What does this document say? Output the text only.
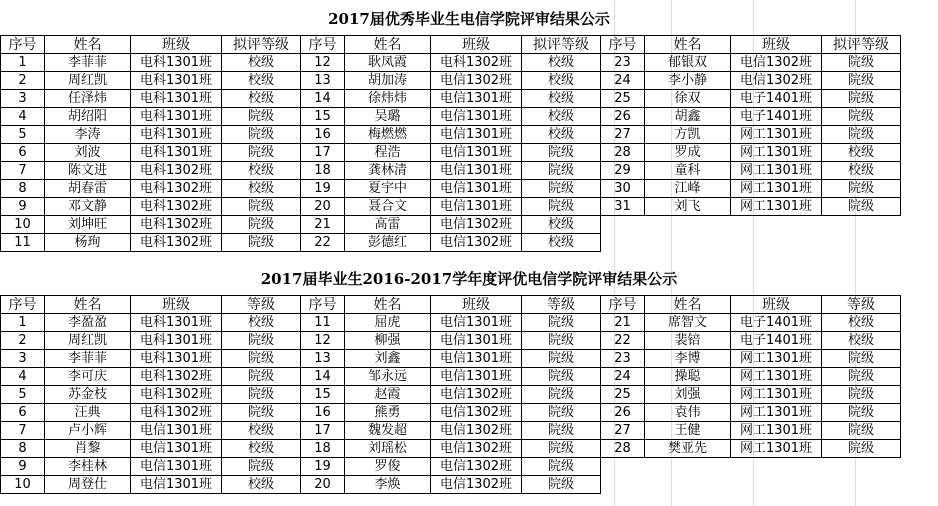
2017届优秀毕业生电信学院评审结果公示
序号	姓名	班级	拟评等级	序号	姓名	班级	拟评等级	序号	姓名	班级	拟评等级
1	李菲菲	电科1301班	校级	12	耿凤霞	电科1302班	校级	23	郁银双	电信1302班	院级
2	周红凯	电科1301班	校级	13	胡加涛	电信1302班	校级	24	李小静	电信1302班	院级
3	任泽炜	电科1301班	校级	14	徐炜炜	电信1301班	校级	25	徐双	电子1401班	院级
4	胡绍阳	电科1301班	院级	15	吴璐	电信1301班	校级	26	胡鑫	电子1401班	院级
5	李涛	电科1301班	院级	16	梅燃燃	电信1301班	校级	27	方凯	网工1301班	院级
6	刘波	电科1301班	院级	17	程浩	电信1301班	院级	28	罗成	网工1301班	校级
7	陈文进	电科1302班	校级	18	龚林清	电信1301班	院级	29	童科	网工1301班	校级
8	胡春雷	电科1302班	校级	19	夏宇中	电信1301班	院级	30	江峰	网工1301班	院级
9	邓文静	电科1302班	院级	20	聂合文	电信1301班	院级	31	刘飞	网工1301班	院级
10	刘坤旺	电科1302班	院级	21	高雷	电信1302班	校级				
11	杨珣	电科1302班	院级	22	彭德红	电信1302班	校级				
2017届毕业生2016-2017学年度评优电信学院评审结果公示
序号	姓名	班级	等级	序号	姓名	班级	等级	序号	姓名	班级	等级
1	李盈盈	电科1301班	校级	11	屈虎	电信1301班	院级	21	席智文	电子1401班	校级
2	周红凯	电科1301班	院级	12	柳强	电信1301班	院级	22	裴锫	电子1401班	校级
3	李菲菲	电科1301班	院级	13	刘鑫	电信1301班	院级	23	李博	网工1301班	院级
4	李可庆	电科1302班	院级	14	邹永远	电信1301班	院级	24	操聪	网工1301班	院级
5	苏金枝	电科1302班	院级	15	赵霞	电信1302班	院级	25	刘强	网工1301班	院级
6	汪典	电科1302班	院级	16	熊勇	电信1302班	院级	26	袁伟	网工1301班	院级
7	卢小辉	电信1301班	校级	17	魏发超	电信1302班	院级	27	王健	网工1301班	院级
8	肖黎	电信1301班	校级	18	刘瑶松	电信1302班	院级	28	樊亚先	网工1301班	院级
9	李桂林	电信1301班	院级	19	罗俊	电信1302班	院级				
10	周登仕	电信1301班	校级	20	李焕	电信1302班	院级				
